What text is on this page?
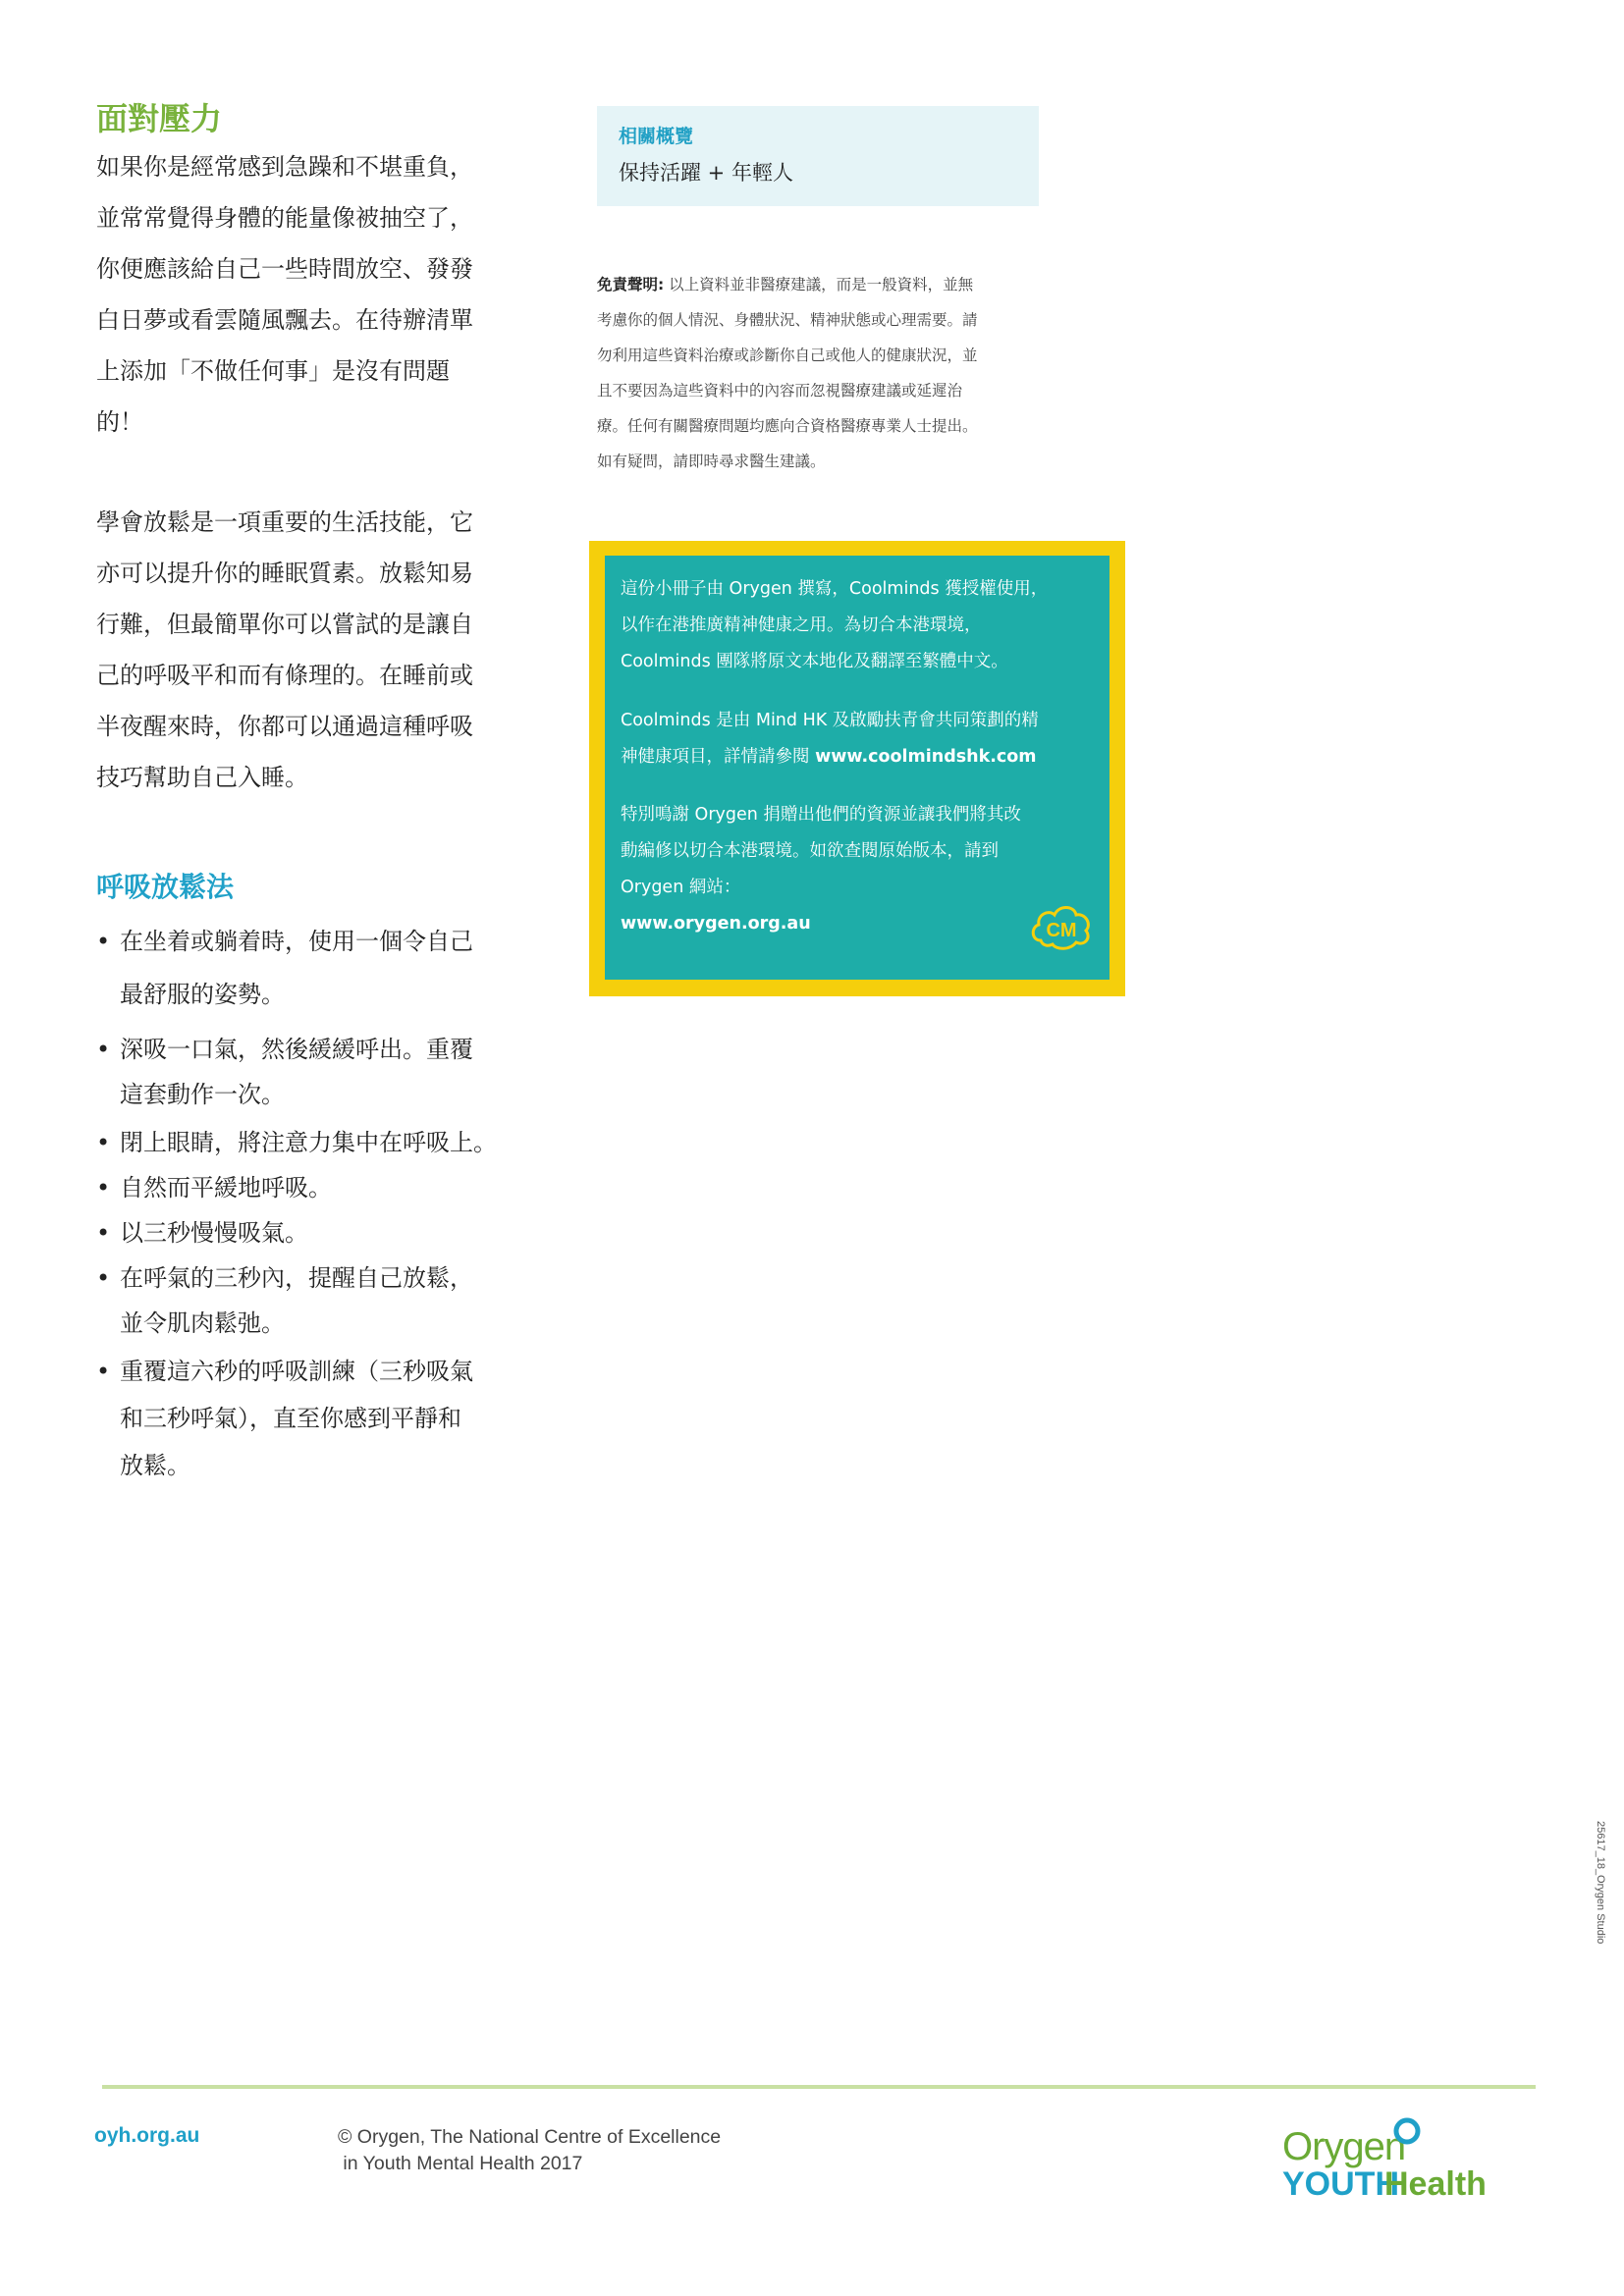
面對壓力

如果你是經常感到急躁和不堪重負，
並常常覺得身體的能量像被抽空了，
你便應該給自己一些時間放空、發發
白日夢或看雲隨風飄去。在待辦清單
上添加「不做任何事」是沒有問題
的！

學會放鬆是一項重要的生活技能，它
亦可以提升你的睡眠質素。放鬆知易
行難，但最簡單你可以嘗試的是讓自
己的呼吸平和而有條理的。在睡前或
半夜醒來時，你都可以通過這種呼吸
技巧幫助自己入睡。

呼吸放鬆法
• 在坐着或躺着時，使用一個令自己
最舒服的姿勢。
• 深吸一口氣，然後緩緩呼出。重覆
這套動作一次。
• 閉上眼睛，將注意力集中在呼吸上。
• 自然而平緩地呼吸。
• 以三秒慢慢吸氣。
• 在呼氣的三秒內，提醒自己放鬆，
並令肌肉鬆弛。
• 重覆這六秒的呼吸訓練（三秒吸氣
和三秒呼氣），直至你感到平靜和
放鬆。
相關概覽
保持活躍 + 年輕人
免責聲明: 以上資料並非醫療建議，而是一般資料，並無
考慮你的個人情況、身體狀況、精神狀態或心理需要。請
勿利用這些資料治療或診斷你自己或他人的健康狀況，並
且不要因為這些資料中的內容而忽視醫療建議或延遲治
療。任何有關醫療問題均應向合資格醫療專業人士提出。
如有疑問，請即時尋求醫生建議。
這份小冊子由 Orygen 撰寫，Coolminds 獲授權使用，
以作在港推廣精神健康之用。為切合本港環境，
Coolminds 團隊將原文本地化及翻譯至繁體中文。
Coolminds 是由 Mind HK 及啟勵扶青會共同策劃的精
神健康項目，詳情請參閱 www.coolmindshk.com
特別鳴謝 Orygen 捐贈出他們的資源並讓我們將其改
動編修以切合本港環境。如欲查閱原始版本，請到
Orygen 網站：
www.orygen.org.au	CM
25617_18_Orygen Studio
oyh.org.au	© Orygen, The National Centre of Excellence
in Youth Mental Health 2017	Orygen
YOUTH
Health
